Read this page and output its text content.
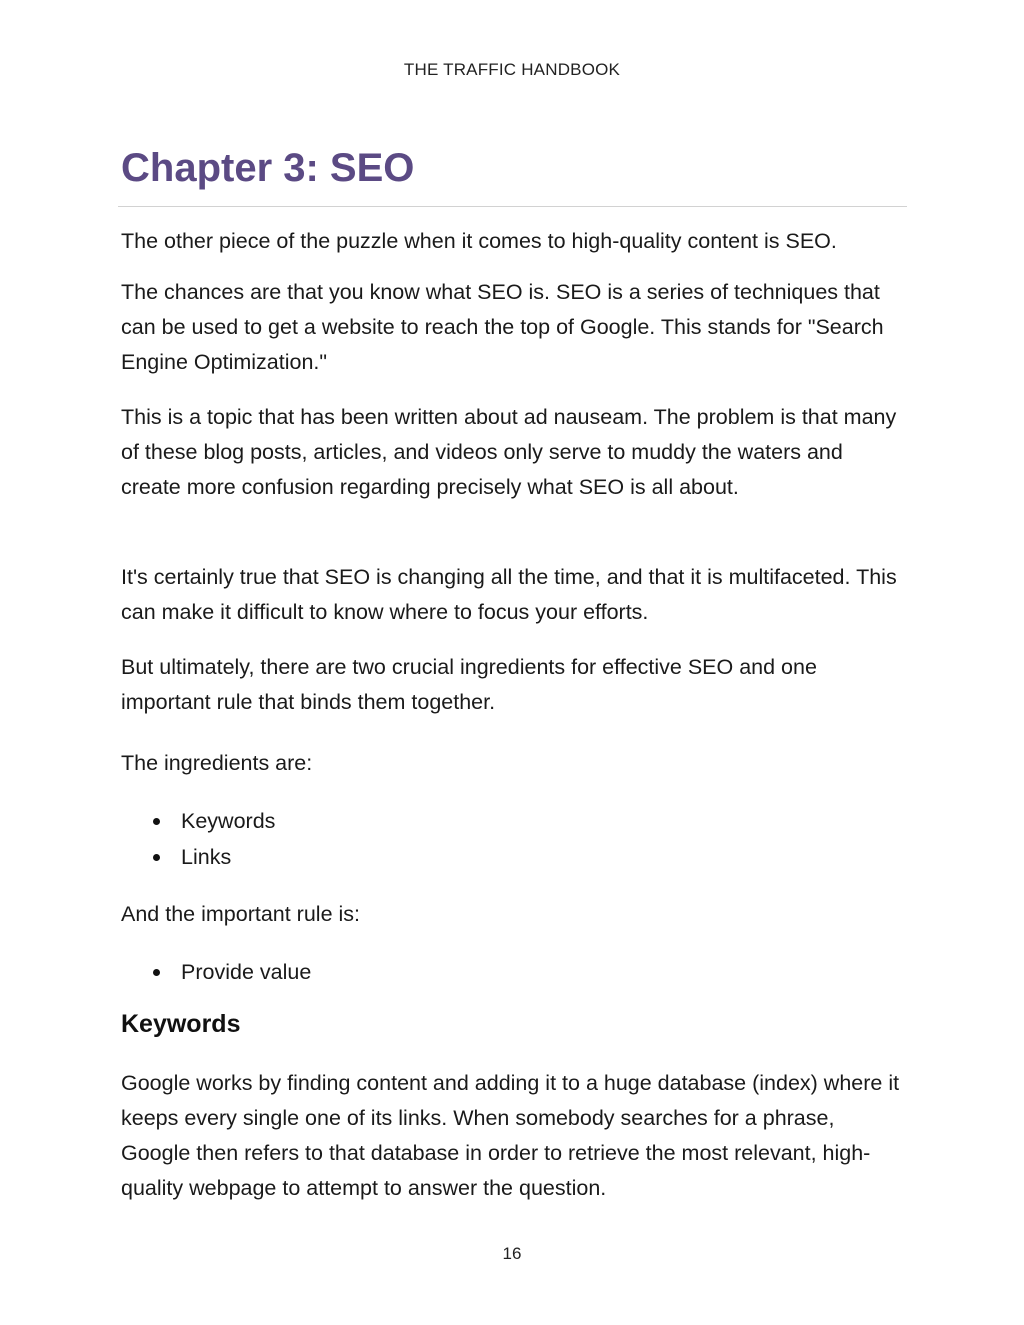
THE TRAFFIC HANDBOOK
Chapter 3: SEO

The other piece of the puzzle when it comes to high-quality content is SEO.

The chances are that you know what SEO is. SEO is a series of techniques that can be used to get a website to reach the top of Google. This stands for "Search Engine Optimization."

This is a topic that has been written about ad nauseam. The problem is that many of these blog posts, articles, and videos only serve to muddy the waters and create more confusion regarding precisely what SEO is all about.

It's certainly true that SEO is changing all the time, and that it is multifaceted. This can make it difficult to know where to focus your efforts.

But ultimately, there are two crucial ingredients for effective SEO and one important rule that binds them together.

The ingredients are:

Keywords
Links

And the important rule is:

Provide value
Keywords

Google works by finding content and adding it to a huge database (index) where it keeps every single one of its links. When somebody searches for a phrase, Google then refers to that database in order to retrieve the most relevant, high-quality webpage to attempt to answer the question.

16
